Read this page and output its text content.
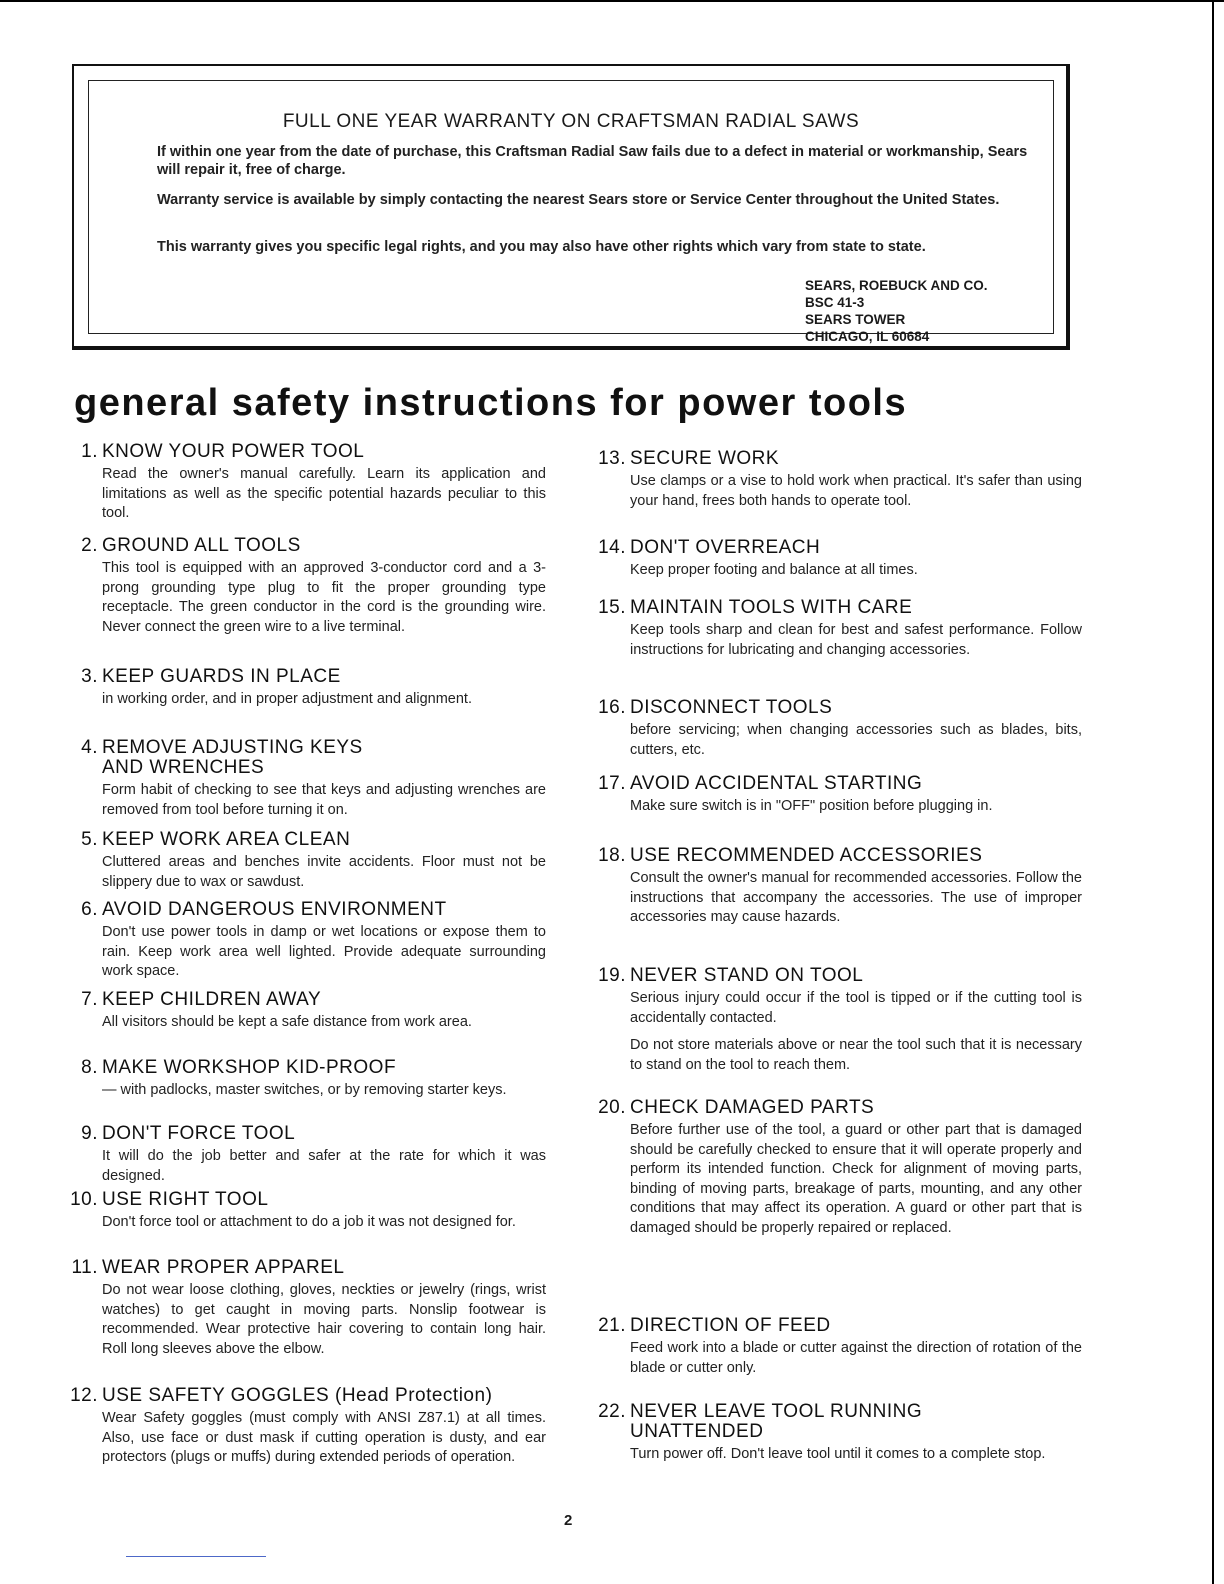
FULL ONE YEAR WARRANTY ON CRAFTSMAN RADIAL SAWS
If within one year from the date of purchase, this Craftsman Radial Saw fails due to a defect in material or workmanship, Sears will repair it, free of charge.
Warranty service is available by simply contacting the nearest Sears store or Service Center throughout the United States.
This warranty gives you specific legal rights, and you may also have other rights which vary from state to state.
SEARS, ROEBUCK AND CO.
BSC 41-3
SEARS TOWER
CHICAGO, IL 60684
general safety instructions for power tools
1. KNOW YOUR POWER TOOL

Read the owner's manual carefully. Learn its application and limitations as well as the specific potential hazards peculiar to this tool.

2. GROUND ALL TOOLS

This tool is equipped with an approved 3-conductor cord and a 3-prong grounding type plug to fit the proper grounding type receptacle. The green conductor in the cord is the grounding wire. Never connect the green wire to a live terminal.

3. KEEP GUARDS IN PLACE

in working order, and in proper adjustment and alignment.

4. REMOVE ADJUSTING KEYS
AND WRENCHES

Form habit of checking to see that keys and adjusting wrenches are removed from tool before turning it on.

5. KEEP WORK AREA CLEAN

Cluttered areas and benches invite accidents. Floor must not be slippery due to wax or sawdust.

6. AVOID DANGEROUS ENVIRONMENT

Don't use power tools in damp or wet locations or expose them to rain. Keep work area well lighted. Provide adequate surrounding work space.

7. KEEP CHILDREN AWAY

All visitors should be kept a safe distance from work area.

8. MAKE WORKSHOP KID-PROOF

— with padlocks, master switches, or by removing starter keys.

9. DON'T FORCE TOOL

It will do the job better and safer at the rate for which it was designed.

10. USE RIGHT TOOL

Don't force tool or attachment to do a job it was not designed for.

11. WEAR PROPER APPAREL

Do not wear loose clothing, gloves, neckties or jewelry (rings, wrist watches) to get caught in moving parts. Nonslip footwear is recommended. Wear protective hair covering to contain long hair. Roll long sleeves above the elbow.

12. USE SAFETY GOGGLES (Head Protection)

Wear Safety goggles (must comply with ANSI Z87.1) at all times. Also, use face or dust mask if cutting operation is dusty, and ear protectors (plugs or muffs) during extended periods of operation.

13. SECURE WORK

Use clamps or a vise to hold work when practical. It's safer than using your hand, frees both hands to operate tool.

14. DON'T OVERREACH

Keep proper footing and balance at all times.

15. MAINTAIN TOOLS WITH CARE

Keep tools sharp and clean for best and safest performance. Follow instructions for lubricating and changing accessories.

16. DISCONNECT TOOLS

before servicing; when changing accessories such as blades, bits, cutters, etc.

17. AVOID ACCIDENTAL STARTING

Make sure switch is in "OFF" position before plugging in.

18. USE RECOMMENDED ACCESSORIES

Consult the owner's manual for recommended accessories. Follow the instructions that accompany the accessories. The use of improper accessories may cause hazards.

19. NEVER STAND ON TOOL

Serious injury could occur if the tool is tipped or if the cutting tool is accidentally contacted.

Do not store materials above or near the tool such that it is necessary to stand on the tool to reach them.

20. CHECK DAMAGED PARTS

Before further use of the tool, a guard or other part that is damaged should be carefully checked to ensure that it will operate properly and perform its intended function. Check for alignment of moving parts, binding of moving parts, breakage of parts, mounting, and any other conditions that may affect its operation. A guard or other part that is damaged should be properly repaired or replaced.

21. DIRECTION OF FEED

Feed work into a blade or cutter against the direction of rotation of the blade or cutter only.

22. NEVER LEAVE TOOL RUNNING
UNATTENDED

Turn power off. Don't leave tool until it comes to a complete stop.

2
